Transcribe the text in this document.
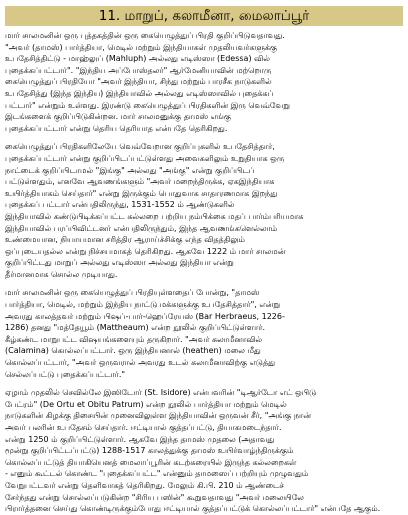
11. மாறுப், கலாமீனா, மைலாப்பூர்
மார் சாலமனின் ஒரு புத்தகத்தின் ஒரு கையெழுத்துப் பிரதி குறிப்பிடுவதாவது.
"அவர் (தாமஸ்) பார்த்தியா, மெடில் மற்றும் இந்தியாகள் முதலியவர்களுக்கு
உபதேசித்திட்டு - மாஹ்லுப் (Mahluph) அல்லது எடிஸ்ஸா (Edessa) வில்
புதைக்கப்பட்டார்". "இந்திய அப்போஸ்தலர்" ஆர்மேனியாவின் மற்றொரு
கையெழுத்துப் பிரதியோ "அவர் இந்தியா, சிந்து மற்றும் பாரசீக நாடுகளில்
உபதேசித்து (இந்த இந்திய) இந்தியாவில் அல்லது எடிஸ்ஸாவில் புதைக்கப்
பட்டார்" என்றும் உள்ளது. இரண்டு கையெழுத்துப் பிரதிகளின் இரு வெவ்வேறு
இடங்களைக் குறிப்பிடுகின்றன. மார் சாலமனுக்கு தாமஸ் எங்கு
புதைக்கப்பட்டார் என்று தெரிய தெரியாத என்பதே தெரிகிறது.
கையெழுத்துப் பிரதிகளிலேயே வெவ்வேறான குறிப்புகளில் உபதேசித்தார்,
புதைக்கப்பட்டார் என்று குறிப்பிடப்பட்டுள்ளது அவைகளிலும் உறுதியாக ஒரு
நாட்டைக் குறிப்பிடாமல் "இங்கு" அல்லது "அங்கு" என்று குறிப்பிடப்
பட்டுள்ளதும், எனவே ஆவணங்களும் "அவர் மறைந்திருக்க, ஏகஇந்தியாக
உயிர்த்தியாகம் செய்தார்" என்று இருக்கும் பொதுவாக சாதாரணமாக இறந்து
புதைக்கப் பட்டார் என்பதிலிருந்து, 1531-1552 ம் ஆண்டுகளில்
இந்தியாவில் கண்டுபிடிக்கப்பட்ட கல்லறை பற்றிய நம்பிக்கை மதப் பார்ம்பரியமாக
இந்தியாவில் பரப்பிவிட்டனர் என்பதிலிருந்தும், இந்த ஆவணங்களெல்லாம்
உண்மையான, நியாயமான சரித்திர ஆராய்ச்சிக்கு எந்த விதத்திலும்
ஒப்புடையதல்ல என்று நிச்சயமாகத் தெரிகிறது. ஆகவே 1222 ம் மார் சாலமன்
குறிப்பிட்டது மாறுப் அல்லது எடிஸ்ஸா அல்லது இந்தியா என்று
தீர்மானமாக சொல்ல முடியாது.
மார் சாலமனின் ஒரு கையெழுத்துப் பிரதியுள்ளதைப் போன்று, "தாமஸ்
பார்த்தியா, மெடில், மற்றும் இந்திய நாட்டு மக்களுக்கு உபதேசித்தார்", என்று
அவரது காலத்தவர் மற்றும் பிஷப்-பார்-ஹெப்ரேயஸ் (Bar Herbraeus, 1226-
1286) தனது "மத்தேயூம் (Mattheaum) என்ற நூலில் குறிப்பிட்டுள்ளார்.
கீழ்கண்ட மாறுபட்ட விஷயங்களையும் தருகிறார். "அவர் கலாமீனாவில்
(Calamina) கொல்லப்பட்டார். ஒரு இந்தியனால் (heathen) மலை மீது
கொல்லப்பட்டார், "அவர் ஒருவரால் அவரது உடல் கலாமீனாவிற்கு எடுத்து
செல்லப்பட்டு புதைக்கப்பட்டார்."
ஏழாம் முதலில் செவில்லே இஸிடோர் (St. Isidore) என்பவரின் "டிஆர்டோ எட் ஒபிடு
பேட்ரம்" (De Ortu et Obitu Patrum) என்ற நூலில் பார்த்தியா மற்றும் மெடில்
நாடுகளின் கிழக்கு திசையின் முனைவிலுள்ள இந்தியாவின் ஒருவன் சீர், "அங்கு நான்
அவர் பலரின் உபதேசம் செய்தார். ஈட்டியால் குத்தப்பட்டு, தியாகமடைந்தார்.
என்று 1250 ம் குறிப்பிட்டுள்ளார். ஆகவே இந்த தாமஸ் முதலை (அதாவது
மூன்று குறிப்பிட்டப்பட்டு) 1288-1517 காலத்துக்கு தாமஸ் உயிர்வாழ்ந்திருக்கும்
கொல்லப்பட்டுத் தியாகியெனத் மைலாப்பூரின் கடற்கரையில் இருந்த கல்லறைகள்
- எனும் கூட்டல் கொண்ட "புதைக்கப்பட்ட" என்னும் தாமஸைப் பற்றியும் முழுவதும்
வேறுபட்டவர் என்று தெளிவாகத் தெரிகிறது. மேலும் கி.பி. 210 ம் ஆண்டைச்
சேர்ந்தது என்று சொல்லப்படுகின்ற "சிரிய பஸின்" கூறுவதாவது "அவர் மலையிலே
பிரார்த்தனை செய்து கொண்டிருக்கும்போது ஈட்டியால் குத்தப்பட்டுக் கொல்லப்பட்டார்" என்பதே ஆகும்.
